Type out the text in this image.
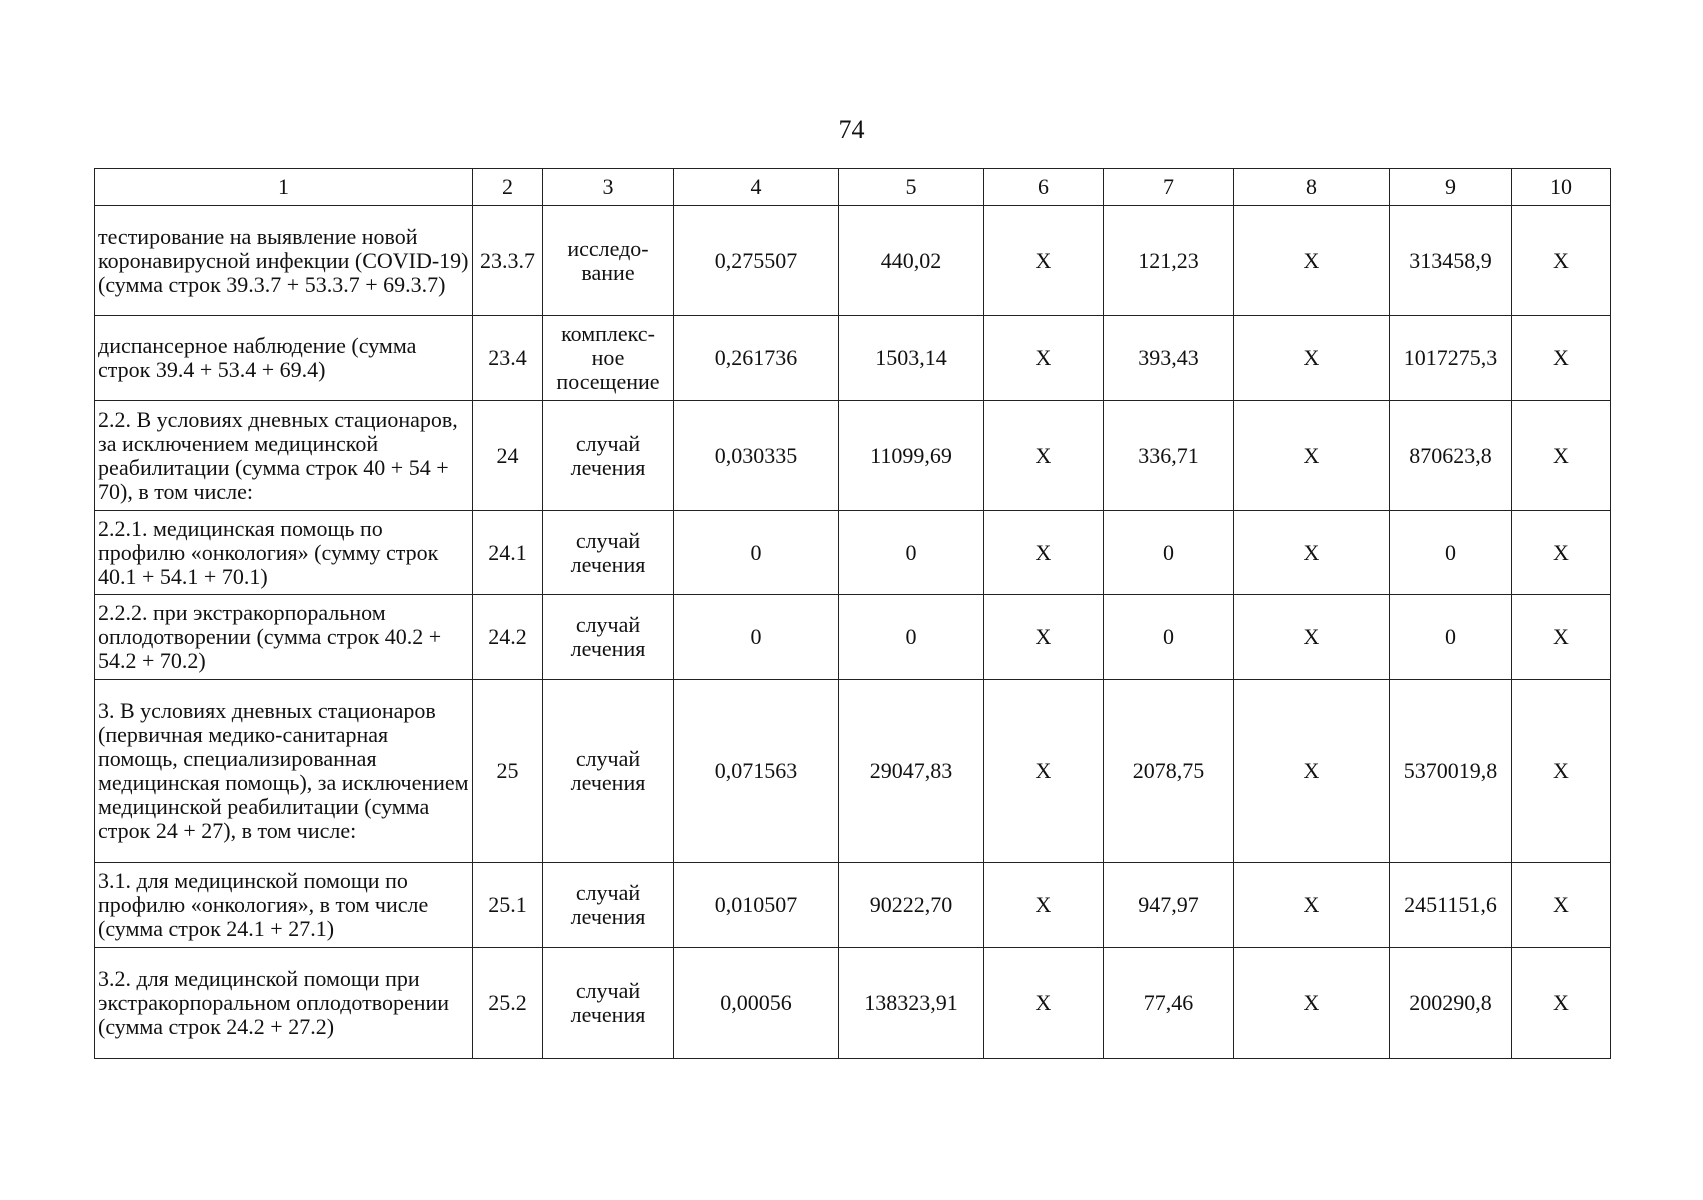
74
1	2	3	4	5	6	7	8	9	10
тестирование на выявление новой коронавирусной инфекции (COVID-19) (сумма строк 39.3.7 + 53.3.7 + 69.3.7)	23.3.7	исследо-вание	0,275507	440,02	X	121,23	X	313458,9	X
диспансерное наблюдение (сумма строк 39.4 + 53.4 + 69.4)	23.4	комплекс-ное посещение	0,261736	1503,14	X	393,43	X	1017275,3	X
2.2. В условиях дневных стационаров, за исключением медицинской реабилитации (сумма строк 40 + 54 + 70), в том числе:	24	случай лечения	0,030335	11099,69	X	336,71	X	870623,8	X
2.2.1. медицинская помощь по профилю «онкология» (сумму строк 40.1 + 54.1 + 70.1)	24.1	случай лечения	0	0	X	0	X	0	X
2.2.2. при экстракорпоральном оплодотворении (сумма строк 40.2 + 54.2 + 70.2)	24.2	случай лечения	0	0	X	0	X	0	X
3. В условиях дневных стационаров (первичная медико-санитарная помощь, специализированная медицинская помощь), за исключением медицинской реабилитации (сумма строк 24 + 27), в том числе:	25	случай лечения	0,071563	29047,83	X	2078,75	X	5370019,8	X
3.1. для медицинской помощи по профилю «онкология», в том числе (сумма строк 24.1 + 27.1)	25.1	случай лечения	0,010507	90222,70	X	947,97	X	2451151,6	X
3.2. для медицинской помощи при экстракорпоральном оплодотворении (сумма строк 24.2 + 27.2)	25.2	случай лечения	0,00056	138323,91	X	77,46	X	200290,8	X
